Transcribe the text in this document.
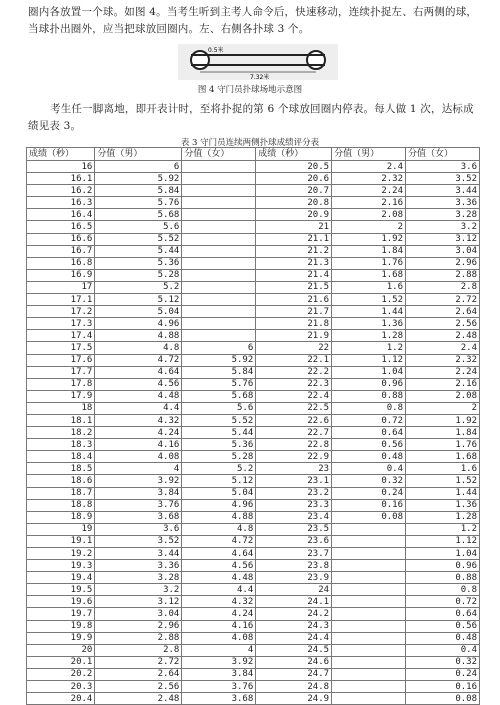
圈内各放置一个球。如图 4。当考生听到主考人命令后，快速移动，连续扑捉左、右两侧的球，当球扑出圈外，应当把球放回圈内。左、右侧各扑球 3 个。
0.5米
7.32米
图 4 守门员扑球场地示意图
考生任一脚离地，即开表计时，至将扑捉的第 6 个球放回圈内停表。每人做 1 次，达标成绩见表 3。
表 3 守门员连续两侧扑球成绩评分表
成绩（秒）	分值（男）	分值（女）	成绩（秒）	分值（男）	分值（女）
16	6		20.5	2.4	3.6
16.1	5.92		20.6	2.32	3.52
16.2	5.84		20.7	2.24	3.44
16.3	5.76		20.8	2.16	3.36
16.4	5.68		20.9	2.08	3.28
16.5	5.6		21	2	3.2
16.6	5.52		21.1	1.92	3.12
16.7	5.44		21.2	1.84	3.04
16.8	5.36		21.3	1.76	2.96
16.9	5.28		21.4	1.68	2.88
17	5.2		21.5	1.6	2.8
17.1	5.12		21.6	1.52	2.72
17.2	5.04		21.7	1.44	2.64
17.3	4.96		21.8	1.36	2.56
17.4	4.88		21.9	1.28	2.48
17.5	4.8	6	22	1.2	2.4
17.6	4.72	5.92	22.1	1.12	2.32
17.7	4.64	5.84	22.2	1.04	2.24
17.8	4.56	5.76	22.3	0.96	2.16
17.9	4.48	5.68	22.4	0.88	2.08
18	4.4	5.6	22.5	0.8	2
18.1	4.32	5.52	22.6	0.72	1.92
18.2	4.24	5.44	22.7	0.64	1.84
18.3	4.16	5.36	22.8	0.56	1.76
18.4	4.08	5.28	22.9	0.48	1.68
18.5	4	5.2	23	0.4	1.6
18.6	3.92	5.12	23.1	0.32	1.52
18.7	3.84	5.04	23.2	0.24	1.44
18.8	3.76	4.96	23.3	0.16	1.36
18.9	3.68	4.88	23.4	0.08	1.28
19	3.6	4.8	23.5		1.2
19.1	3.52	4.72	23.6		1.12
19.2	3.44	4.64	23.7		1.04
19.3	3.36	4.56	23.8		0.96
19.4	3.28	4.48	23.9		0.88
19.5	3.2	4.4	24		0.8
19.6	3.12	4.32	24.1		0.72
19.7	3.04	4.24	24.2		0.64
19.8	2.96	4.16	24.3		0.56
19.9	2.88	4.08	24.4		0.48
20	2.8	4	24.5		0.4
20.1	2.72	3.92	24.6		0.32
20.2	2.64	3.84	24.7		0.24
20.3	2.56	3.76	24.8		0.16
20.4	2.48	3.68	24.9		0.08
